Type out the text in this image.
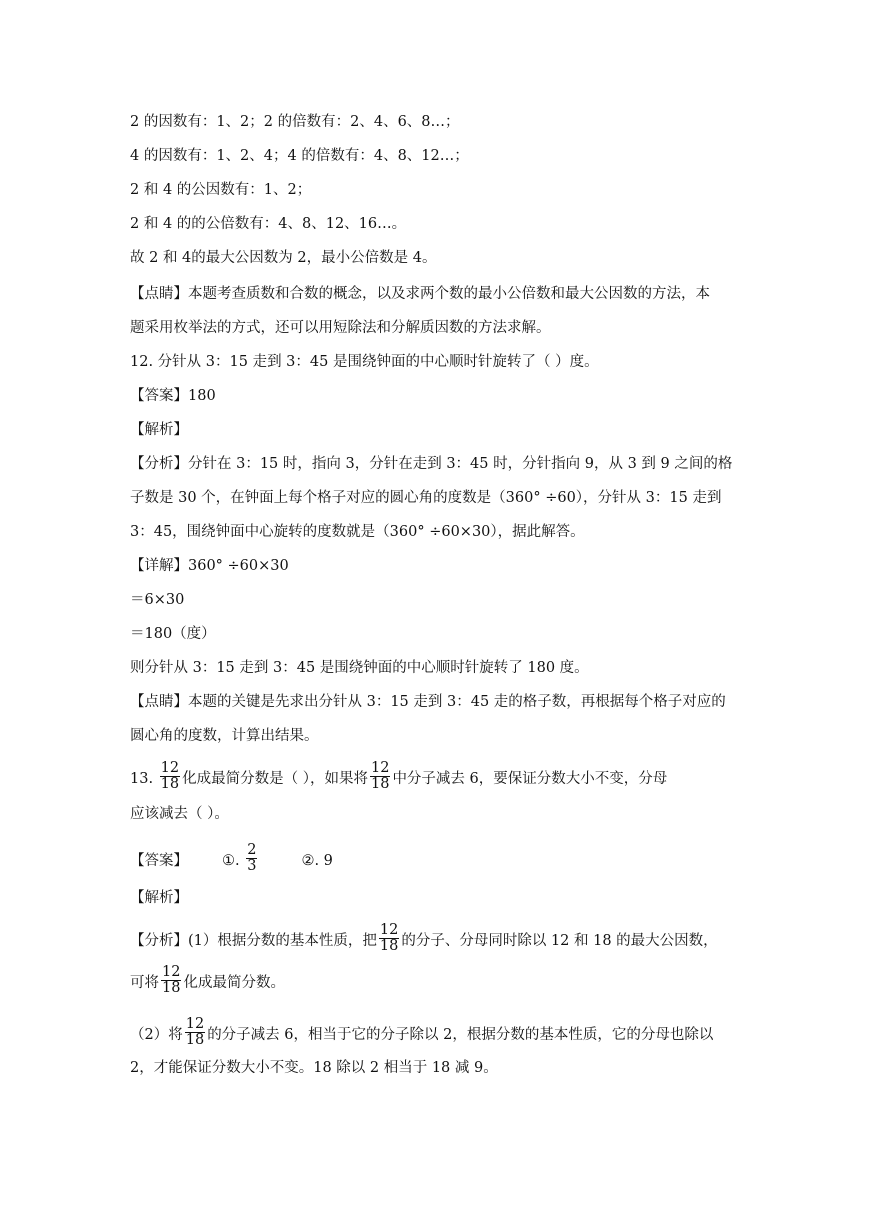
2 的因数有：1、2；2 的倍数有：2、4、6、8…；
4 的因数有：1、2、4；4 的倍数有：4、8、12…；
2 和 4 的公因数有：1、2；
2 和 4 的的公倍数有：4、8、12、16…。
故 2 和 4的最大公因数为 2，最小公倍数是 4。
【点睛】本题考查质数和合数的概念，以及求两个数的最小公倍数和最大公因数的方法，本
题采用枚举法的方式，还可以用短除法和分解质因数的方法求解。
12. 分针从 3：15 走到 3：45 是围绕钟面的中心顺时针旋转了（ ）度。
【答案】180
【解析】
【分析】分针在 3：15 时，指向 3，分针在走到 3：45 时，分针指向 9，从 3 到 9 之间的格
子数是 30 个，在钟面上每个格子对应的圆心角的度数是（360° ÷60），分针从 3：15 走到
3：45，围绕钟面中心旋转的度数就是（360° ÷60×30），据此解答。
【详解】360° ÷60×30
＝6×30
＝180（度）
则分针从 3：15 走到 3：45 是围绕钟面的中心顺时针旋转了 180 度。
【点睛】本题的关键是先求出分针从 3：15 走到 3：45 走的格子数，再根据每个格子对应的
圆心角的度数，计算出结果。
13. $\frac{12}{18}$ 化成最简分数是（ ），如果将 $\frac{12}{18}$ 中分子减去 6，要保证分数大小不变，分母
应该减去（ ）。
【答案】 ①. $\frac{2}{3}$	②. 9
【解析】
【分析】(1）根据分数的基本性质，把 $\frac{12}{18}$ 的分子、分母同时除以 12 和 18 的最大公因数，
可将 $\frac{12}{18}$ 化成最简分数。
（2）将 $\frac{12}{18}$ 的分子减去 6，相当于它的分子除以 2，根据分数的基本性质，它的分母也除以
2，才能保证分数大小不变。18 除以 2 相当于 18 减 9。
